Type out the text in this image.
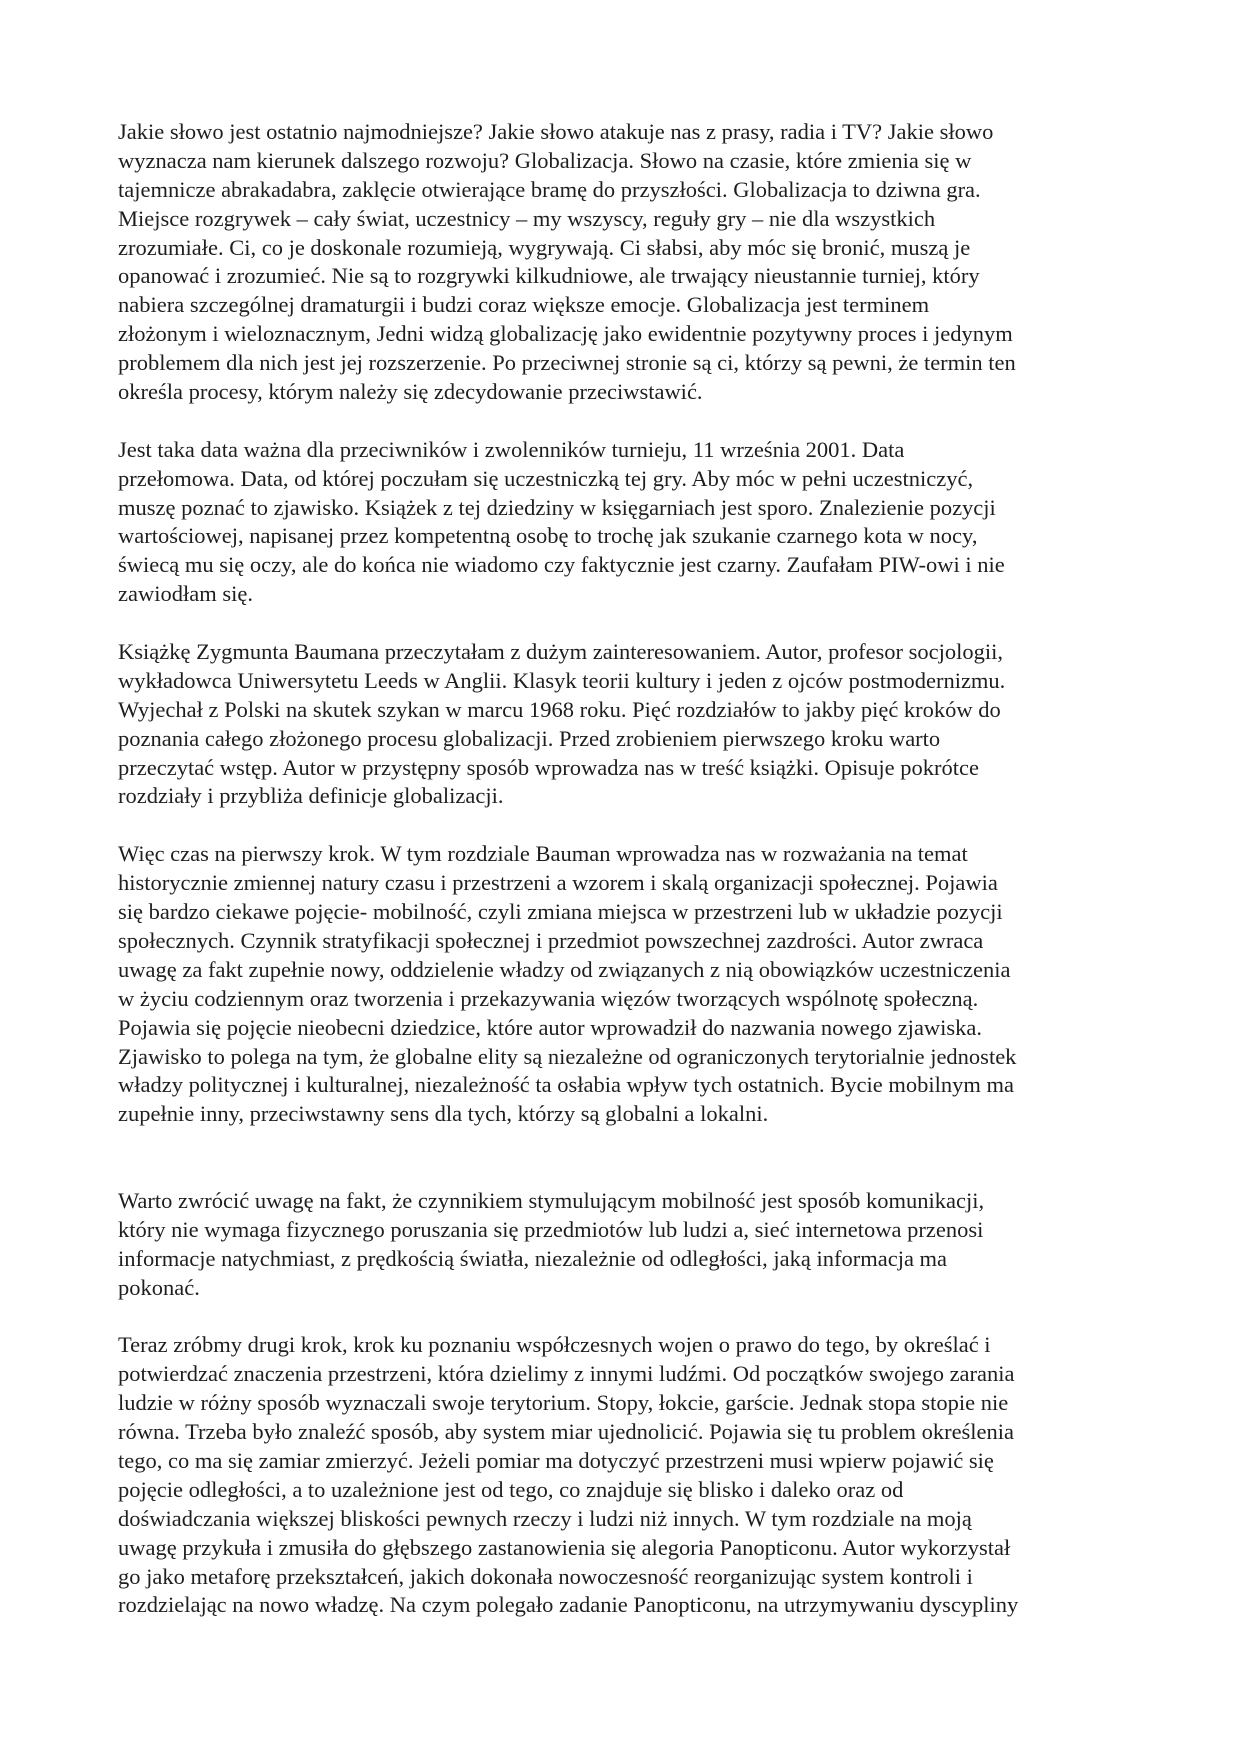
Jakie słowo jest ostatnio najmodniejsze? Jakie słowo atakuje nas z prasy, radia i TV? Jakie słowo
wyznacza nam kierunek dalszego rozwoju? Globalizacja. Słowo na czasie, które zmienia się w
tajemnicze abrakadabra, zaklęcie otwierające bramę do przyszłości. Globalizacja to dziwna gra.
Miejsce rozgrywek – cały świat, uczestnicy – my wszyscy, reguły gry – nie dla wszystkich
zrozumiałe. Ci, co je doskonale rozumieją, wygrywają. Ci słabsi, aby móc się bronić, muszą je
opanować i zrozumieć. Nie są to rozgrywki kilkudniowe, ale trwający nieustannie turniej, który
nabiera szczególnej dramaturgii i budzi coraz większe emocje. Globalizacja jest terminem
złożonym i wieloznacznym, Jedni widzą globalizację jako ewidentnie pozytywny proces i jedynym
problemem dla nich jest jej rozszerzenie. Po przeciwnej stronie są ci, którzy są pewni, że termin ten
określa procesy, którym należy się zdecydowanie przeciwstawić.
Jest taka data ważna dla przeciwników i zwolenników turnieju, 11 września 2001. Data
przełomowa. Data, od której poczułam się uczestniczką tej gry. Aby móc w pełni uczestniczyć,
muszę poznać to zjawisko. Książek z tej dziedziny w księgarniach jest sporo. Znalezienie pozycji
wartościowej, napisanej przez kompetentną osobę to trochę jak szukanie czarnego kota w nocy,
świecą mu się oczy, ale do końca nie wiadomo czy faktycznie jest czarny. Zaufałam PIW-owi i nie
zawiodłam się.
Książkę Zygmunta Baumana przeczytałam z dużym zainteresowaniem. Autor, profesor socjologii,
wykładowca Uniwersytetu Leeds w Anglii. Klasyk teorii kultury i jeden z ojców postmodernizmu.
Wyjechał z Polski na skutek szykan w marcu 1968 roku. Pięć rozdziałów to jakby pięć kroków do
poznania całego złożonego procesu globalizacji. Przed zrobieniem pierwszego kroku warto
przeczytać wstęp. Autor w przystępny sposób wprowadza nas w treść książki. Opisuje pokrótce
rozdziały i przybliża definicje globalizacji.
Więc czas na pierwszy krok. W tym rozdziale Bauman wprowadza nas w rozważania na temat
historycznie zmiennej natury czasu i przestrzeni a wzorem i skalą organizacji społecznej. Pojawia
się bardzo ciekawe pojęcie- mobilność, czyli zmiana miejsca w przestrzeni lub w układzie pozycji
społecznych. Czynnik stratyfikacji społecznej i przedmiot powszechnej zazdrości. Autor zwraca
uwagę za fakt zupełnie nowy, oddzielenie władzy od związanych z nią obowiązków uczestniczenia
w życiu codziennym oraz tworzenia i przekazywania więzów tworzących wspólnotę społeczną.
Pojawia się pojęcie nieobecni dziedzice, które autor wprowadził do nazwania nowego zjawiska.
Zjawisko to polega na tym, że globalne elity są niezależne od ograniczonych terytorialnie jednostek
władzy politycznej i kulturalnej, niezależność ta osłabia wpływ tych ostatnich. Bycie mobilnym ma
zupełnie inny, przeciwstawny sens dla tych, którzy są globalni a lokalni.
Warto zwrócić uwagę na fakt, że czynnikiem stymulującym mobilność jest sposób komunikacji,
który nie wymaga fizycznego poruszania się przedmiotów lub ludzi a, sieć internetowa przenosi
informacje natychmiast, z prędkością światła, niezależnie od odległości, jaką informacja ma
pokonać.
Teraz zróbmy drugi krok, krok ku poznaniu współczesnych wojen o prawo do tego, by określać i
potwierdzać znaczenia przestrzeni, która dzielimy z innymi ludźmi. Od początków swojego zarania
ludzie w różny sposób wyznaczali swoje terytorium. Stopy, łokcie, garście. Jednak stopa stopie nie
równa. Trzeba było znaleźć sposób, aby system miar ujednolicić. Pojawia się tu problem określenia
tego, co ma się zamiar zmierzyć. Jeżeli pomiar ma dotyczyć przestrzeni musi wpierw pojawić się
pojęcie odległości, a to uzależnione jest od tego, co znajduje się blisko i daleko oraz od
doświadczania większej bliskości pewnych rzeczy i ludzi niż innych. W tym rozdziale na moją
uwagę przykuła i zmusiła do głębszego zastanowienia się alegoria Panopticonu. Autor wykorzystał
go jako metaforę przekształceń, jakich dokonała nowoczesność reorganizując system kontroli i
rozdzielając na nowo władzę. Na czym polegało zadanie Panopticonu, na utrzymywaniu dyscypliny
